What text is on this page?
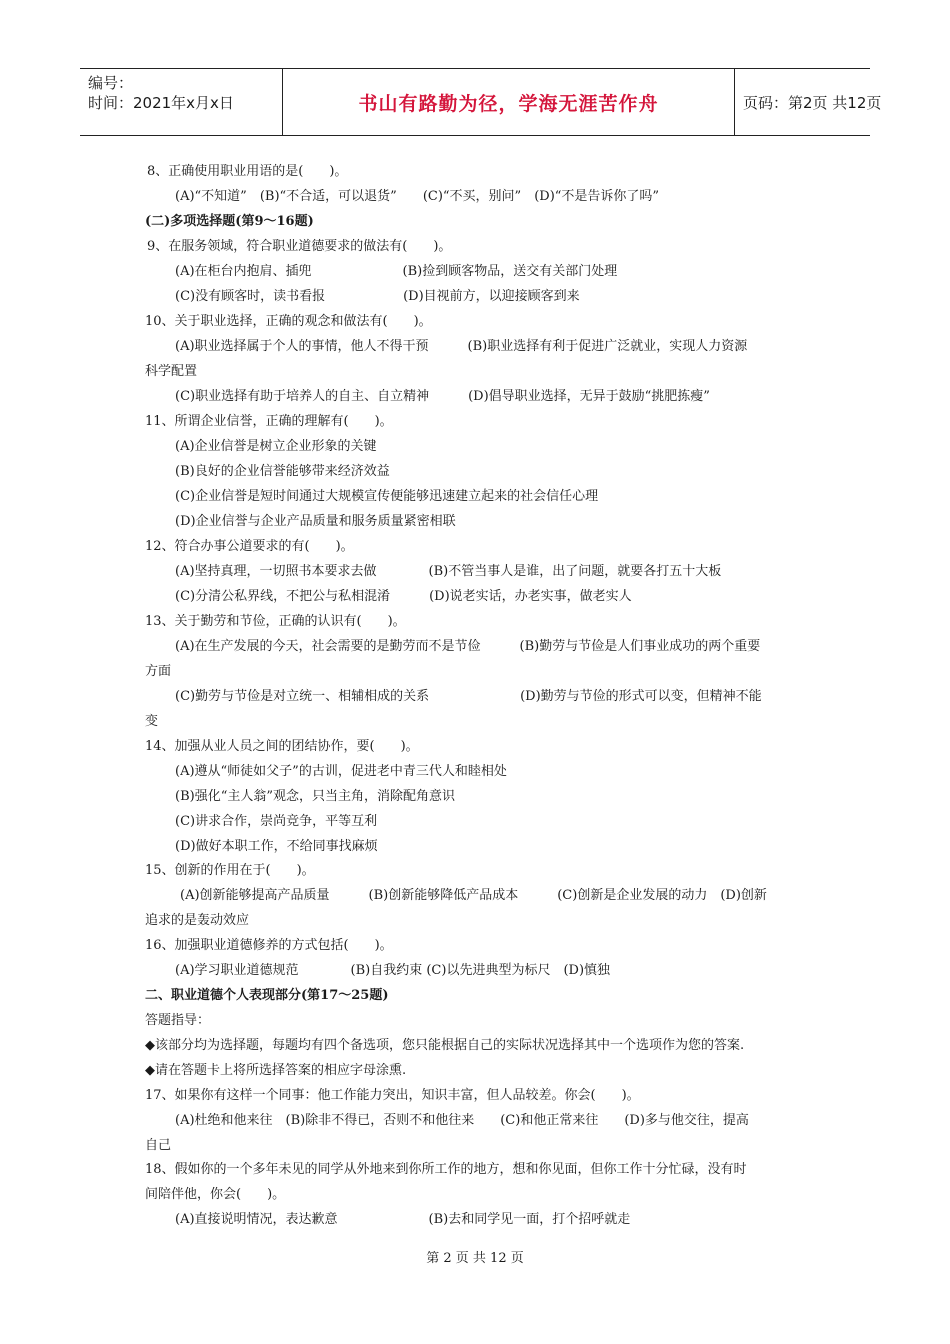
编号：
时间：2021年x月x日	书山有路勤为径，学海无涯苦作舟	页码：第2页 共12页
8、正确使用职业用语的是(　　)。
(A)“不知道”　(B)“不合适，可以退货”　　(C)“不买，别问”　(D)“不是告诉你了吗”
(二)多项选择题(第9～16题)
9、在服务领域，符合职业道德要求的做法有(　　)。
(A)在柜台内抱肩、插兜　　　　　　　(B)捡到顾客物品，送交有关部门处理
(C)没有顾客时，读书看报　　　　　　(D)目视前方，以迎接顾客到来
10、关于职业选择，正确的观念和做法有(　　)。
(A)职业选择属于个人的事情，他人不得干预　　　(B)职业选择有利于促进广泛就业，实现人力资源
科学配置
(C)职业选择有助于培养人的自主、自立精神　　　(D)倡导职业选择，无异于鼓励“挑肥拣瘦”
11、所谓企业信誉，正确的理解有(　　)。
(A)企业信誉是树立企业形象的关键
(B)良好的企业信誉能够带来经济效益
(C)企业信誉是短时间通过大规模宣传便能够迅速建立起来的社会信任心理
(D)企业信誉与企业产品质量和服务质量紧密相联
12、符合办事公道要求的有(　　)。
(A)坚持真理，一切照书本要求去做　　　　(B)不管当事人是谁，出了问题，就要各打五十大板
(C)分清公私界线，不把公与私相混淆　　　(D)说老实话，办老实事，做老实人
13、关于勤劳和节俭，正确的认识有(　　)。
(A)在生产发展的今天，社会需要的是勤劳而不是节俭　　　(B)勤劳与节俭是人们事业成功的两个重要
方面
(C)勤劳与节俭是对立统一、相辅相成的关系　　　　　　　(D)勤劳与节俭的形式可以变，但精神不能
变
14、加强从业人员之间的团结协作，要(　　)。
(A)遵从“师徒如父子”的古训，促进老中青三代人和睦相处
(B)强化“主人翁”观念，只当主角，消除配角意识
(C)讲求合作，崇尚竞争，平等互利
(D)做好本职工作，不给同事找麻烦
15、创新的作用在于(　　)。
(A)创新能够提高产品质量　　　(B)创新能够降低产品成本　　　(C)创新是企业发展的动力　(D)创新
追求的是轰动效应
16、加强职业道德修养的方式包括(　　)。
(A)学习职业道德规范　　　　(B)自我约束 (C)以先进典型为标尺　(D)慎独
二、职业道德个人表现部分(第17～25题)
答题指导：
◆该部分均为选择题，每题均有四个备选项，您只能根据自己的实际状况选择其中一个选项作为您的答案.
◆请在答题卡上将所选择答案的相应字母涂熏.
17、如果你有这样一个同事：他工作能力突出，知识丰富，但人品较差。你会(　　)。
(A)杜绝和他来往　(B)除非不得已，否则不和他往来　　(C)和他正常来往　　(D)多与他交往，提高
自己
18、假如你的一个多年未见的同学从外地来到你所工作的地方，想和你见面，但你工作十分忙碌，没有时
间陪伴他，你会(　　)。
(A)直接说明情况，表达歉意　　　　　　　(B)去和同学见一面，打个招呼就走
第 2 页 共 12 页
